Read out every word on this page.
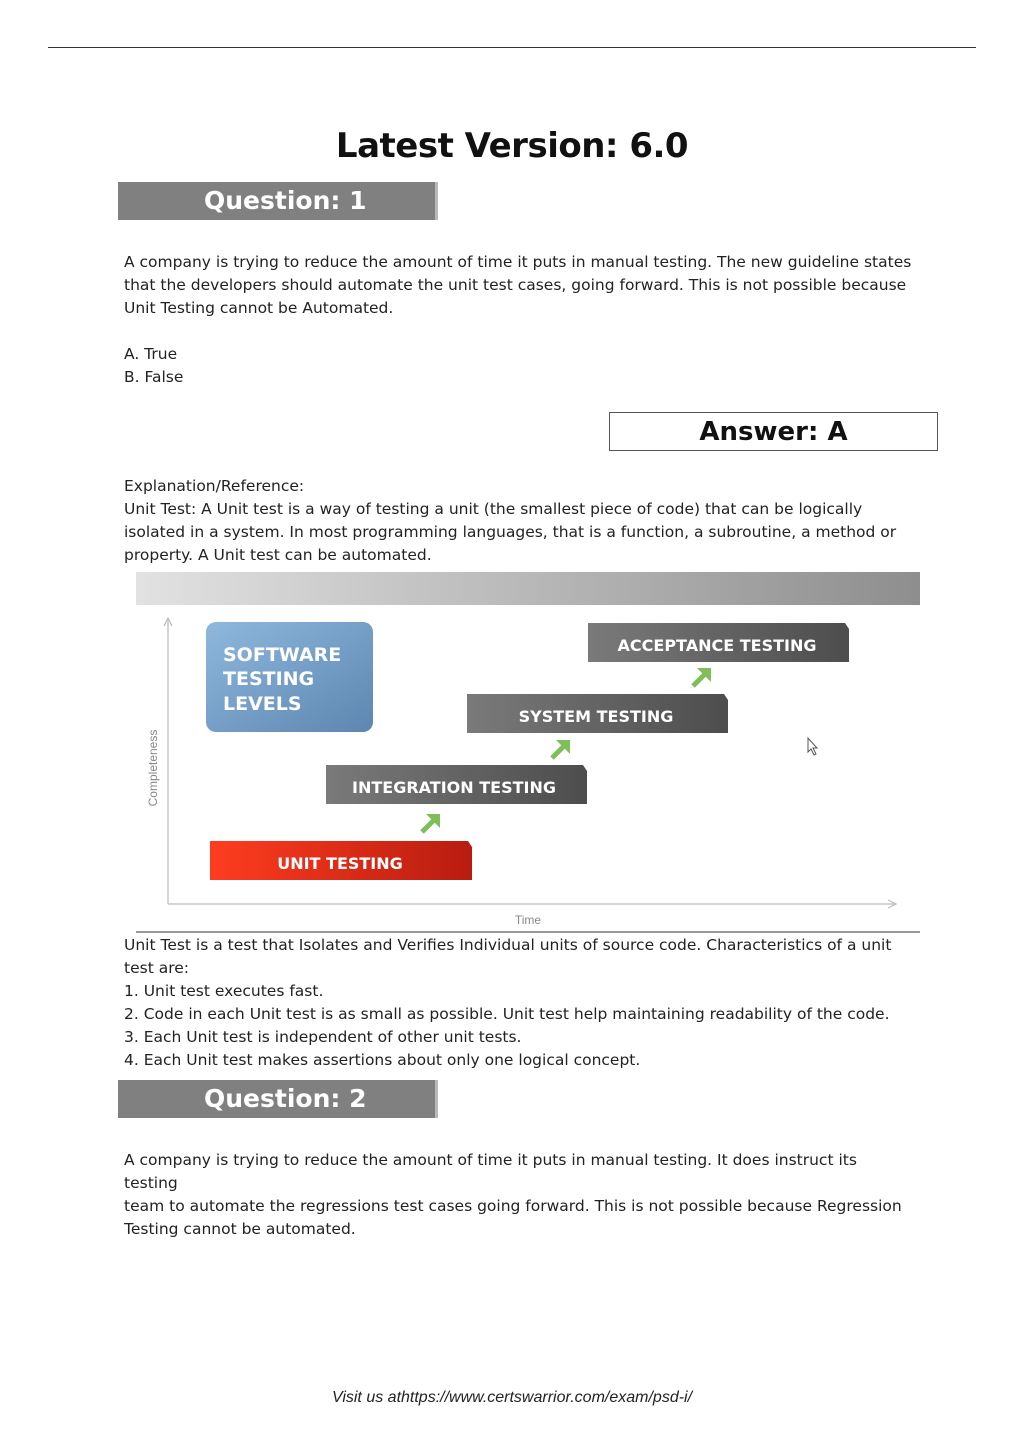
Latest Version: 6.0
Question: 1

A company is trying to reduce the amount of time it puts in manual testing. The new guideline states

that the developers should automate the unit test cases, going forward. This is not possible because

Unit Testing cannot be Automated.

A. True

B. False

Answer: A

Explanation/Reference:

Unit Test: A Unit test is a way of testing a unit (the smallest piece of code) that can be logically

isolated in a system. In most programming languages, that is a function, a subroutine, a method or

property. A Unit test can be automated.

Completeness
Time
SOFTWARE
TESTING
LEVELS
UNIT TESTING
INTEGRATION TESTING
SYSTEM TESTING
ACCEPTANCE TESTING

Unit Test is a test that Isolates and Verifies Individual units of source code. Characteristics of a unit

test are:

1. Unit test executes fast.

2. Code in each Unit test is as small as possible. Unit test help maintaining readability of the code.

3. Each Unit test is independent of other unit tests.

4. Each Unit test makes assertions about only one logical concept.

Question: 2

A company is trying to reduce the amount of time it puts in manual testing. It does instruct its testing

team to automate the regressions test cases going forward. This is not possible because Regression

Testing cannot be automated.

Visit us athttps://www.certswarrior.com/exam/psd-i/
